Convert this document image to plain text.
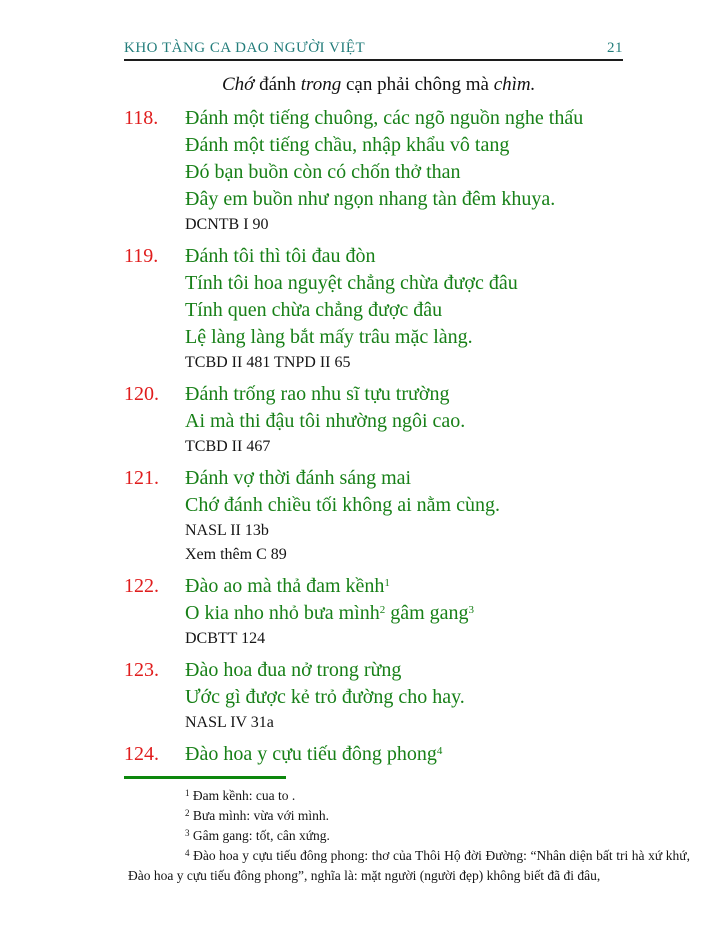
KHO TÀNG CA DAO NGƯỜI VIỆT	21
Chớ đánh trong cạn phải chông mà chìm.
118.	Đánh một tiếng chuông, các ngõ nguồn nghe thấu
Đánh một tiếng chầu, nhập khẩu vô tang
Đó bạn buồn còn có chốn thở than
Đây em buồn như ngọn nhang tàn đêm khuya.
DCNTB I 90
119.	Đánh tôi thì tôi đau đòn
Tính tôi hoa nguyệt chẳng chừa được đâu
Tính quen chừa chẳng được đâu
Lệ làng làng bắt mấy trâu mặc làng.
TCBD II 481 TNPD II 65
120.	Đánh trống rao nhu sĩ tựu trường
Ai mà thi đậu tôi nhường ngôi cao.
TCBD II 467
121.	Đánh vợ thời đánh sáng mai
Chớ đánh chiều tối không ai nằm cùng.
NASL II 13b
Xem thêm C 89
122.	Đào ao mà thả đam kềnh$^1$
O kia nho nhỏ bưa mình$^2$ gâm gang$^3$
DCBTT 124
123.	Đào hoa đua nở trong rừng
Ước gì được kẻ trỏ đường cho hay.
NASL IV 31a
124.	Đào hoa y cựu tiếu đông phong$^4$
$^1$ Đam kềnh: cua to .
$^2$ Bưa mình: vừa với mình.
$^3$ Gâm gang: tốt, cân xứng.
$^4$ Đào hoa y cựu tiếu đông phong: thơ của Thôi Hộ đời Đường: “Nhân diện bất tri hà xứ khứ, Đào hoa y cựu tiếu đông phong”, nghĩa là: mặt người (người đẹp) không biết đã đi đâu,
